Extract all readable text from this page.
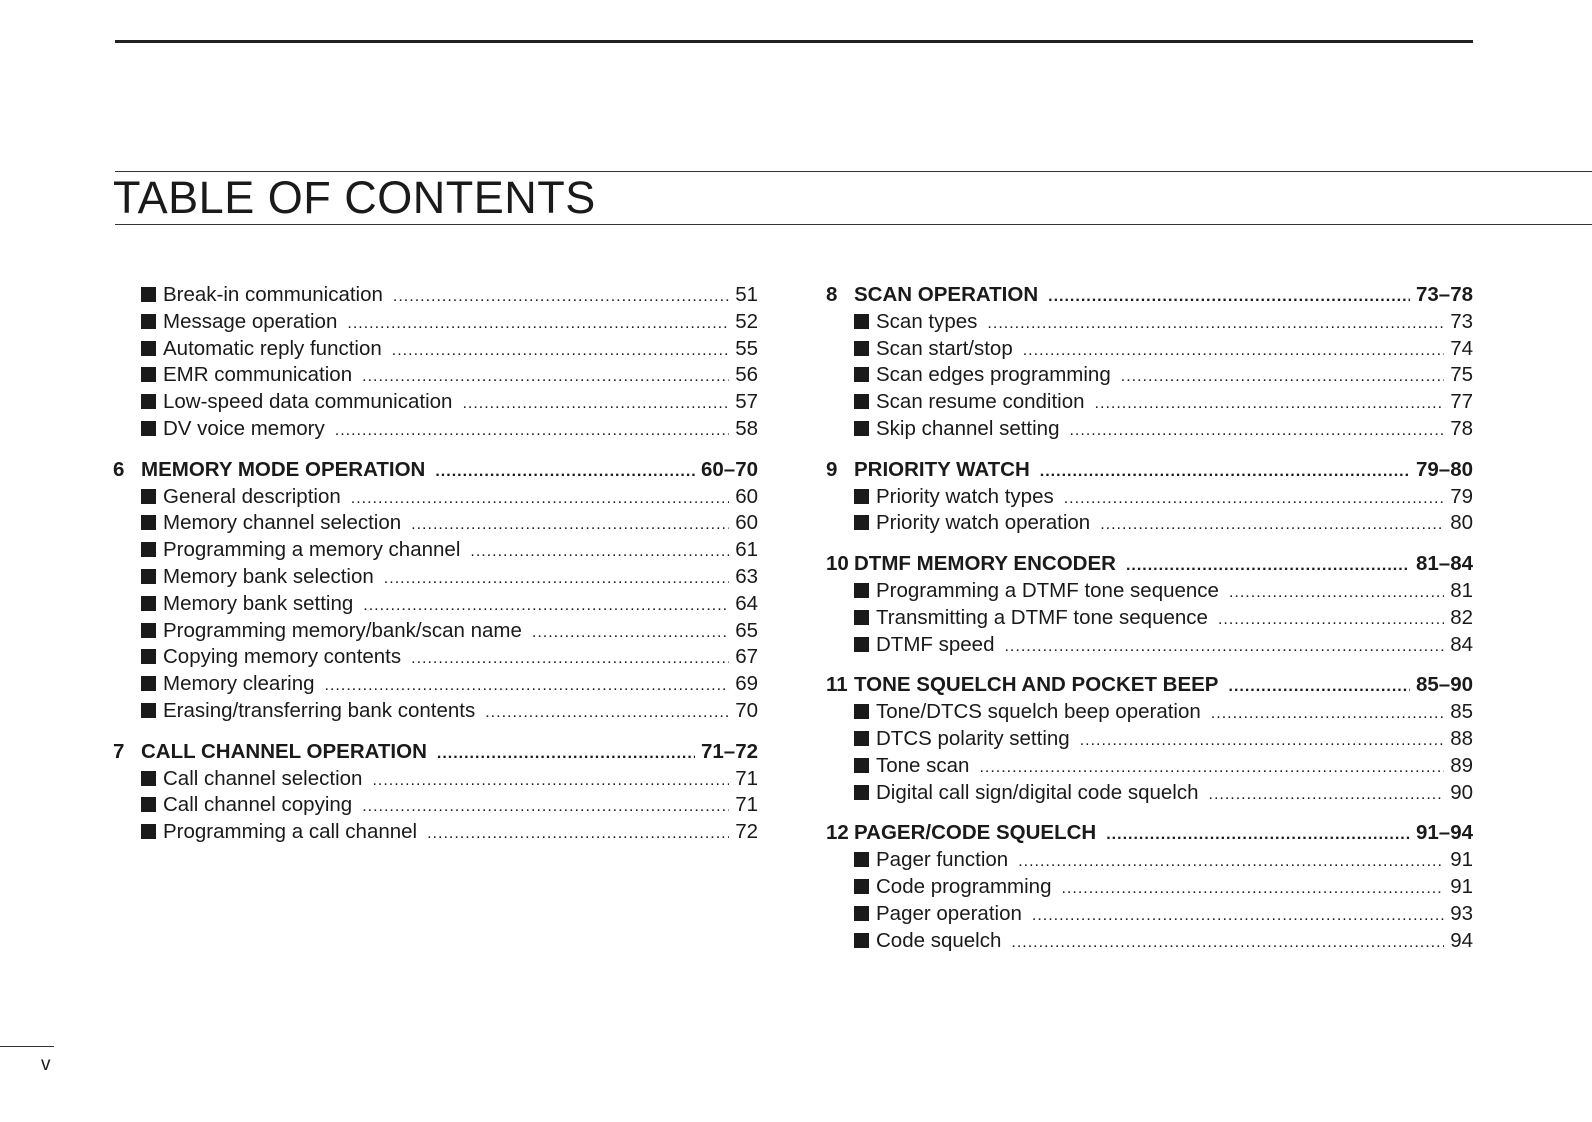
TABLE OF CONTENTS
Break-in communication .....	51
Message operation .....	52
Automatic reply function .....	55
EMR communication .....	56
Low-speed data communication .....	57
DV voice memory .....	58
6 MEMORY MODE OPERATION .....	60–70
General description .....	60
Memory channel selection .....	60
Programming a memory channel .....	61
Memory bank selection .....	63
Memory bank setting .....	64
Programming memory/bank/scan name .....	65
Copying memory contents .....	67
Memory clearing .....	69
Erasing/transferring bank contents .....	70
7 CALL CHANNEL OPERATION .....	71–72
Call channel selection .....	71
Call channel copying .....	71
Programming a call channel .....	72
8 SCAN OPERATION .....	73–78
Scan types .....	73
Scan start/stop .....	74
Scan edges programming .....	75
Scan resume condition .....	77
Skip channel setting .....	78
9 PRIORITY WATCH .....	79–80
Priority watch types .....	79
Priority watch operation .....	80
10 DTMF MEMORY ENCODER .....	81–84
Programming a DTMF tone sequence .....	81
Transmitting a DTMF tone sequence .....	82
DTMF speed .....	84
11 TONE SQUELCH AND POCKET BEEP .....	85–90
Tone/DTCS squelch beep operation .....	85
DTCS polarity setting .....	88
Tone scan .....	89
Digital call sign/digital code squelch .....	90
12 PAGER/CODE SQUELCH .....	91–94
Pager function .....	91
Code programming .....	91
Pager operation .....	93
Code squelch .....	94
v
